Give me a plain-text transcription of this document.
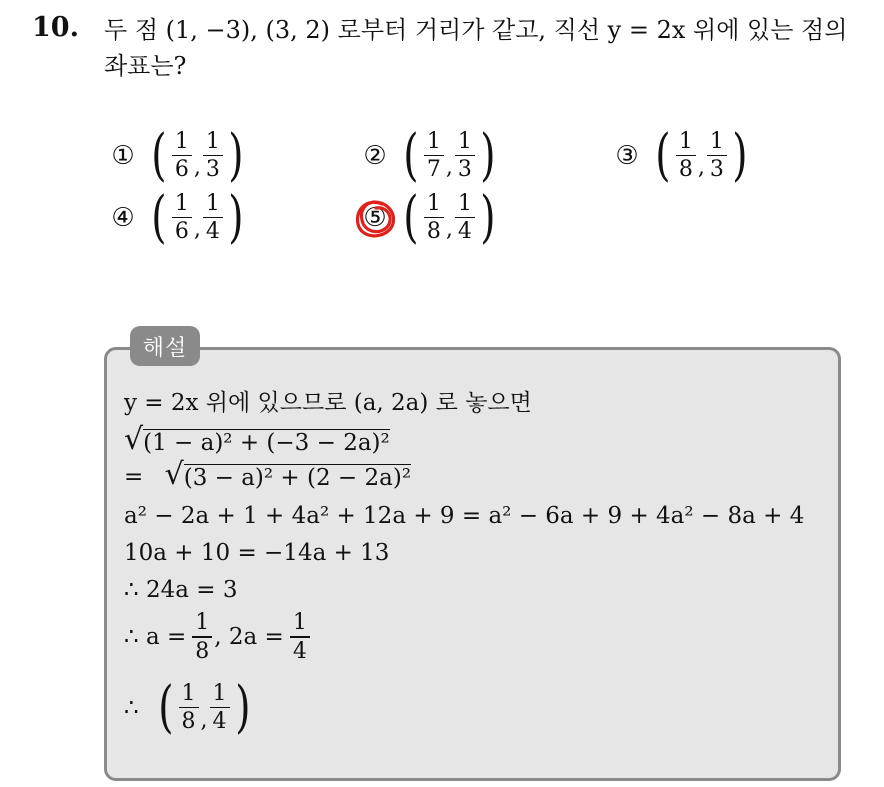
10. 두 점 (1, −3), (3, 2) 로부터 거리가 같고, 직선 y = 2x 위에 있는 점의
좌표는?
① ( $\frac{1}{6}$ , $\frac{1}{3}$ )	② ( $\frac{1}{7}$ , $\frac{1}{3}$ )	③ ( $\frac{1}{8}$ , $\frac{1}{3}$ )
④ ( $\frac{1}{6}$ , $\frac{1}{4}$ )	⑤ ( $\frac{1}{8}$ , $\frac{1}{4}$ )
해설
y = 2x 위에 있으므로 (a, 2a) 로 놓으면
√ (1 − a)² + (−3 − 2a)²
= √ (3 − a)² + (2 − 2a)²
a² − 2a + 1 + 4a² + 12a + 9 = a² − 6a + 9 + 4a² − 8a + 4
10a + 10 = −14a + 13
∴ 24a = 3
∴ $a = \frac{1}{8}$ , $2a = \frac{1}{4}$
∴ ( $\frac{1}{8}$ , $\frac{1}{4}$ )
